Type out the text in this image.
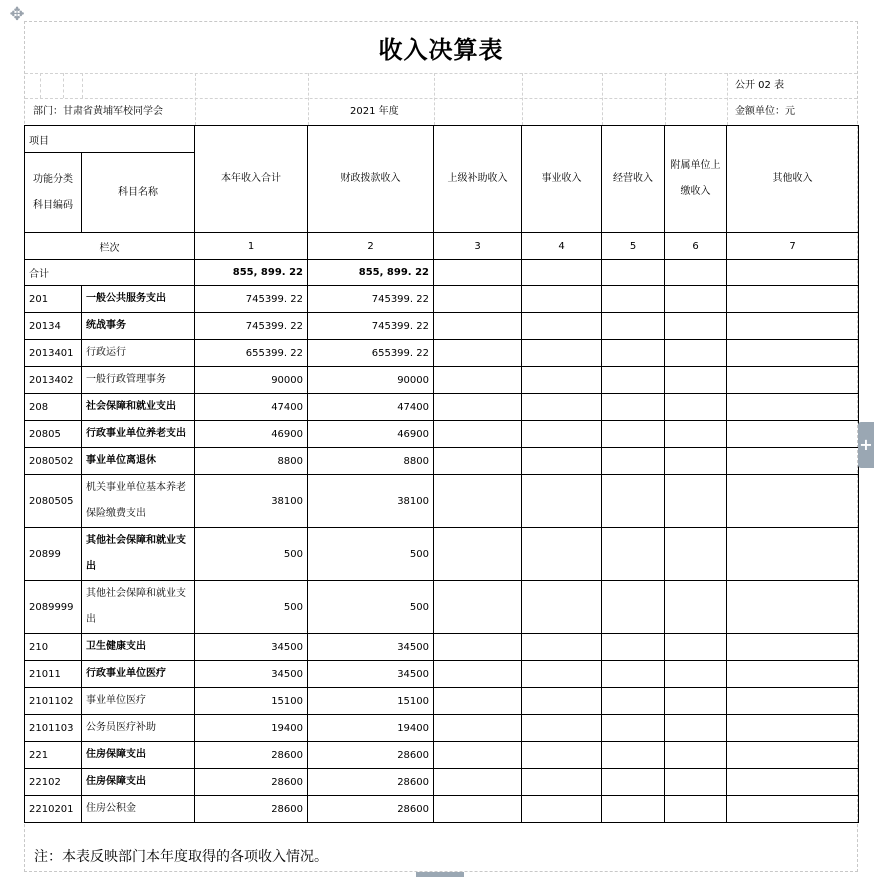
✥
收入决算表
公开 02 表
部门：甘肃省黄埔军校同学会	2021 年度	金额单位：元
项目		本年收入合计	财政拨款收入	上级补助收入	事业收入	经营收入	附属单位上缴收入	其他收入
功能分类科目编码	科目名称							
栏次		1	2	3	4	5	6	7
合计		855, 899. 22	855, 899. 22					
201	一般公共服务支出	745399. 22	745399. 22					
20134	统战事务	745399. 22	745399. 22					
2013401	行政运行	655399. 22	655399. 22					
2013402	一般行政管理事务	90000	90000					
208	社会保障和就业支出	47400	47400					
20805	行政事业单位养老支出	46900	46900					
2080502	事业单位离退休	8800	8800					
2080505	机关事业单位基本养老保险缴费支出	38100	38100					
20899	其他社会保障和就业支出	500	500					
2089999	其他社会保障和就业支出	500	500					
210	卫生健康支出	34500	34500					
21011	行政事业单位医疗	34500	34500					
2101102	事业单位医疗	15100	15100					
2101103	公务员医疗补助	19400	19400					
221	住房保障支出	28600	28600					
22102	住房保障支出	28600	28600					
2210201	住房公积金	28600	28600					
注：本表反映部门本年度取得的各项收入情况。
+
